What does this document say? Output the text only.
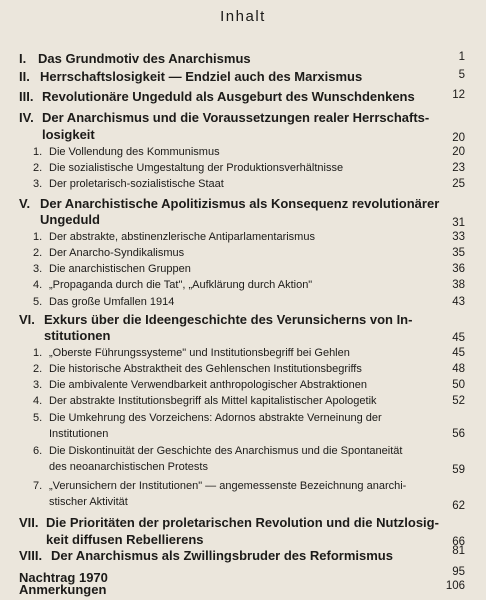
Inhalt
I. Das Grundmotiv des Anarchismus	1
II. Herrschaftslosigkeit — Endziel auch des Marxismus	5
III. Revolutionäre Ungeduld als Ausgeburt des Wunschdenkens	12
IV. Der Anarchismus und die Voraussetzungen realer Herrschafts-
losigkeit	20
1. Die Vollendung des Kommunismus	20
2. Die sozialistische Umgestaltung der Produktionsverhältnisse	23
3. Der proletarisch-sozialistische Staat	25
V. Der Anarchistische Apolitizismus als Konsequenz revolutionärer
Ungeduld	31
1. Der abstrakte, abstinenzlerische Antiparlamentarismus	33
2. Der Anarcho-Syndikalismus	35
3. Die anarchistischen Gruppen	36
4. „Propaganda durch die Tat", „Aufklärung durch Aktion"	38
5. Das große Umfallen 1914	43
VI. Exkurs über die Ideengeschichte des Verunsicherns von In-
stitutionen	45
1. „Oberste Führungssysteme" und Institutionsbegriff bei Gehlen	45
2. Die historische Abstraktheit des Gehlenschen Institutionsbegriffs	48
3. Die ambivalente Verwendbarkeit anthropologischer Abstraktionen	50
4. Der abstrakte Institutionsbegriff als Mittel kapitalistischer Apologetik	52
5. Die Umkehrung des Vorzeichens: Adornos abstrakte Verneinung der
Institutionen	56
6. Die Diskontinuität der Geschichte des Anarchismus und die Spontaneität
des neoanarchistischen Protests	59
7. „Verunsichern der Institutionen" — angemessenste Bezeichnung anarchi-
stischer Aktivität	62
VII. Die Prioritäten der proletarischen Revolution und die Nutzlosig-
keit diffusen Rebellierens	66
VIII. Der Anarchismus als Zwillingsbruder des Reformismus	81
Nachtrag 1970	95
Anmerkungen	106
